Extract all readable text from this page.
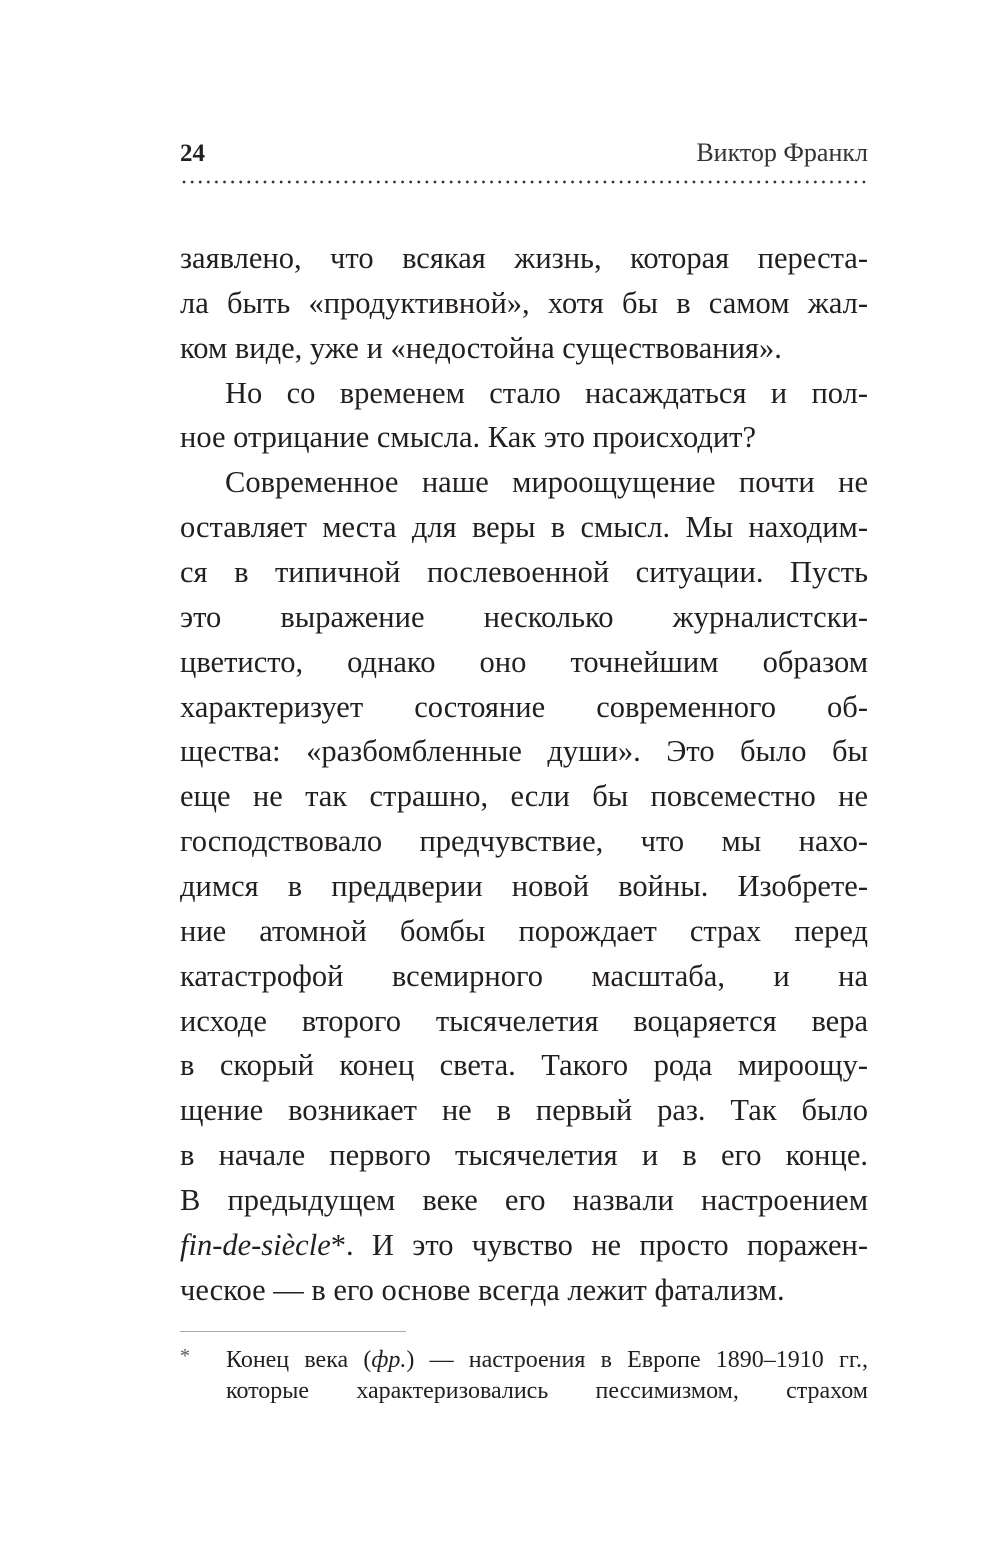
24	Виктор Франкл
заявлено, что всякая жизнь, которая переста-
ла быть «продуктивной», хотя бы в самом жал-
ком виде, уже и «недостойна существования».
Но со временем стало насаждаться и пол-
ное отрицание смысла. Как это происходит?
Современное наше мироощущение почти не
оставляет места для веры в смысл. Мы находим-
ся в типичной послевоенной ситуации. Пусть
это выражение несколько журналистски-
цветисто, однако оно точнейшим образом
характеризует состояние современного об-
щества: «разбомбленные души». Это было бы
еще не так страшно, если бы повсеместно не
господствовало предчувствие, что мы нахо-
димся в преддверии новой войны. Изобрете-
ние атомной бомбы порождает страх перед
катастрофой всемирного масштаба, и на
исходе второго тысячелетия воцаряется вера
в скорый конец света. Такого рода мироощу-
щение возникает не в первый раз. Так было
в начале первого тысячелетия и в его конце.
В предыдущем веке его назвали настроением
fin-de-siècle*. И это чувство не просто поражен-
ческое — в его основе всегда лежит фатализм.
* Конец века (фр.) — настроения в Европе 1890–1910 гг.,
которые характеризовались пессимизмом, страхом
